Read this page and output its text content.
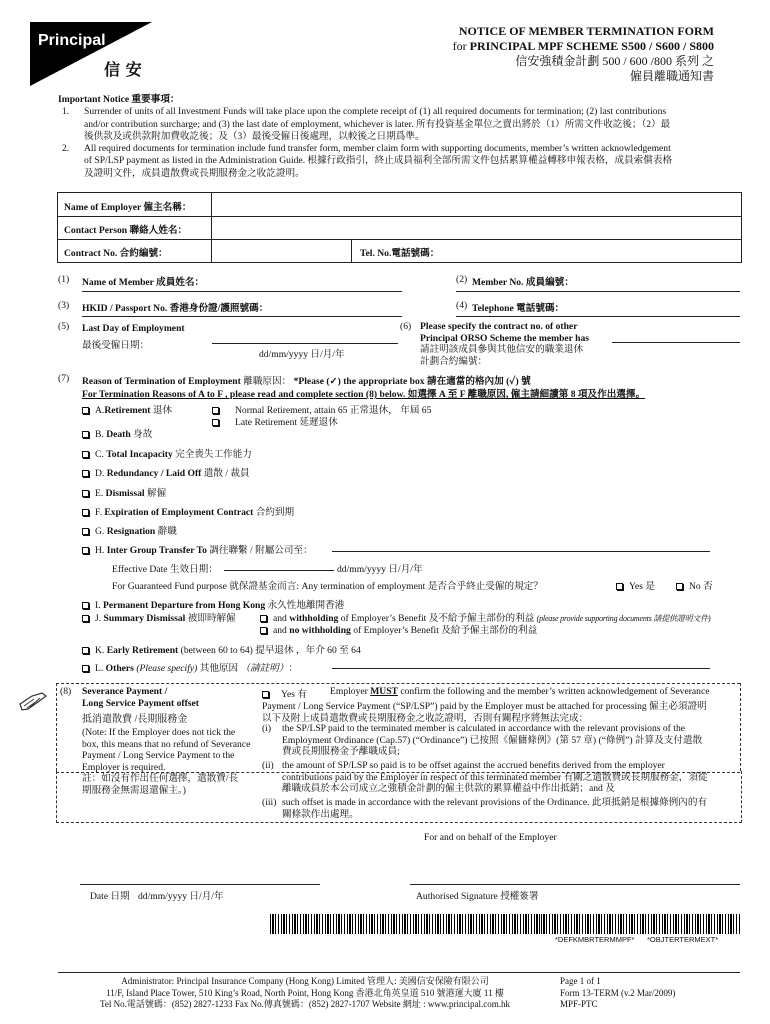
Principal
信 安
NOTICE OF MEMBER TERMINATION FORM
for PRINCIPAL MPF SCHEME S500 / S600 / S800
信安強積金計劃 500 / 600 /800 系列 之
僱員離職通知書
Important Notice 重要事項：
1. Surrender of units of all Investment Funds will take place upon the complete receipt of (1) all required documents for termination; (2) last contributions
and/or contribution surcharge; and (3) the last date of employment, whichever is later. 所有投資基金單位之賣出將於（1）所需文件收訖後；（2）最
後供款及或供款附加費收訖後；及（3）最後受僱日後處理，以較後之日期爲準。
2. All required documents for termination include fund transfer form, member claim form with supporting documents, member’s written acknowledgement
of SP/LSP payment as listed in the Administration Guide. 根據行政指引，終止成員福利全部所需文件包括累算權益轉移申報表格，成員索償表格
及證明文件，成員遣散費或長期服務金之收訖證明。
Name of Employer 僱主名稱：
Contact Person 聯絡人姓名：
Contract No. 合約編號：	Tel. No.電話號碼：
(1) Name of Member 成員姓名：	(2) Member No. 成員編號：
(3) HKID / Passport No. 香港身份證/護照號碼：	(4) Telephone 電話號碼：
(5) Last Day of Employment
最後受僱日期：
dd/mm/yyyy 日/月/年
(6) Please specify the contract no. of other
Principal ORSO Scheme the member has
請註明該成員參與其他信安的職業退休
計劃合約編號：
(7) Reason of Termination of Employment 離職原因： *Please (✓) the appropriate box 請在適當的格內加 (✓) 號
For Termination Reasons of A to F , please read and complete section (8) below. 如選擇 A 至 F 離職原因, 僱主請細讀第 8 項及作出選擇。
A.Retirement 退休	Normal Retirement, attain 65 正常退休， 年屆 65
Late Retirement 延遲退休
B. Death 身故
C. Total Incapacity 完全喪失工作能力
D. Redundancy / Laid Off 遣散 / 裁員
E. Dismissal 解僱
F. Expiration of Employment Contract 合約到期
G. Resignation 辭職
H. Inter Group Transfer To 調往聯繫 / 附屬公司至：
Effective Date 生效日期：	dd/mm/yyyy 日/月/年
For Guaranteed Fund purpose 就保證基金而言: Any termination of employment 是否合乎終止受僱的規定？	Yes 是	No 否
I. Permanent Departure from Hong Kong 永久性地離開香港
J. Summary Dismissal 被即時解僱	and withholding of Employer’s Benefit 及不給予僱主部份的利益 (please provide supporting documents 請提供證明文件)
and no withholding of Employer’s Benefit 及給予僱主部份的利益
K. Early Retirement (between 60 to 64) 提早退休 ，年介 60 至 64
L. Others (Please specify) 其他原因 （請註明）：
(8) Severance Payment /
Long Service Payment offset
抵消遣散費 /長期服務金
(Note: If the Employer does not tick the
box, this means that no refund of Severance
Payment / Long Service Payment to the
Employer is required.
註：如沒有作出任何選擇，遣散費/長
期服務金無需退還僱主。)
Yes 有 Employer MUST confirm the following and the member’s written acknowledgement of Severance
Payment / Long Service Payment (“SP/LSP”) paid by the Employer must be attached for processing 僱主必須證明
以下及附上成員遣散費或長期服務金之收訖證明，否則有關程序將無法完成：
(i) the SP/LSP paid to the terminated member is calculated in accordance with the relevant provisions of the
Employment Ordinance (Cap.57) (“Ordinance”) 已按照《僱傭條例》(第 57 章) (“條例”) 計算及支付遣散
費或長期服務金予離職成員;
(ii) the amount of SP/LSP so paid is to be offset against the accrued benefits derived from the employer
contributions paid by the Employer in respect of this terminated member 有關之遣散費或長期服務金，須從
離職成員於本公司成立之強積金計劃的僱主供款的累算權益中作出抵銷；and 及
(iii) such offset is made in accordance with the relevant provisions of the Ordinance. 此項抵銷是根據條例內的有
關條款作出處理。
For and on behalf of the Employer
Date 日期 dd/mm/yyyy 日/月/年	Authorised Signature 授權簽署
*DEFKMBRTERMMPF* *OBJTERTERMEXT*
Administrator: Principal Insurance Company (Hong Kong) Limited 管理人: 美國信安保險有限公司
11/F, Island Place Tower, 510 King’s Road, North Point, Hong Kong 香港北角英皇道 510 號港運大廈 11 樓
Tel No.電話號碼：(852) 2827-1233 Fax No.傳真號碼：(852) 2827-1707 Website 網址 : www.principal.com.hk
Page 1 of 1
Form 13-TERM (v.2 Mar/2009)
MPF-PTC
